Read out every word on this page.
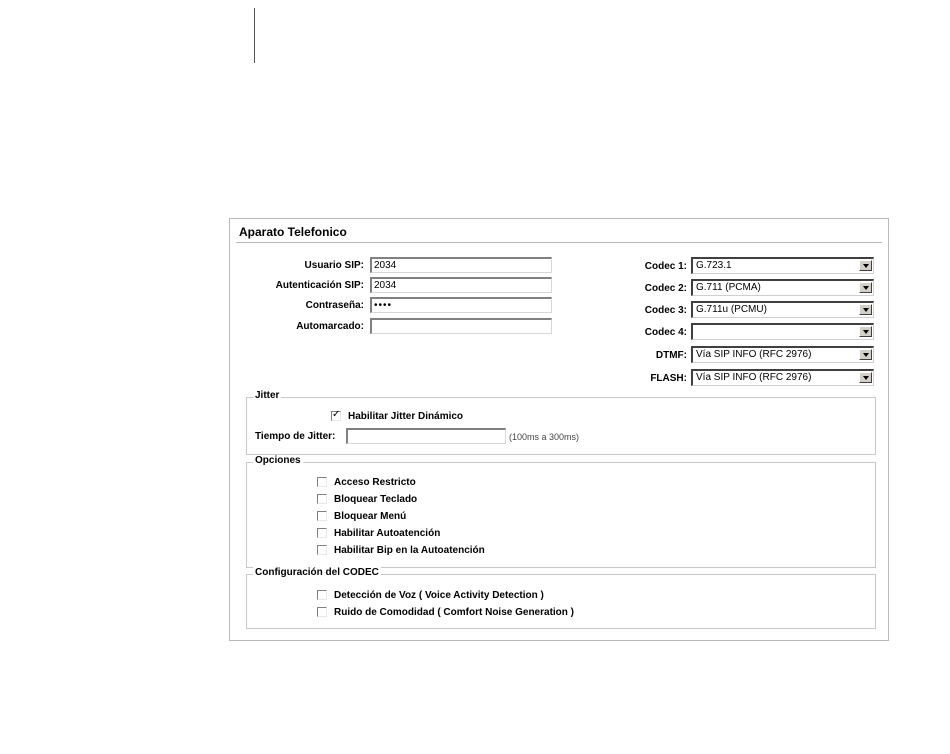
Aparato Telefonico
Usuario SIP:	2034
Autenticación SIP:	2034
Contraseña:	••••
Automarcado:
Codec 1: G.723.1
Codec 2: G.711 (PCMA)
Codec 3: G.711u (PCMU)
Codec 4:
DTMF: Vía SIP INFO (RFC 2976)
FLASH: Vía SIP INFO (RFC 2976)
Jitter
✓
Habilitar Jitter Dinámico
Tiempo de Jitter:	(100ms a 300ms)
Opciones
Acceso Restricto
Bloquear Teclado
Bloquear Menú
Habilitar Autoatención
Habilitar Bip en la Autoatención
Configuración del CODEC
Detección de Voz ( Voice Activity Detection )
Ruido de Comodidad ( Comfort Noise Generation )
